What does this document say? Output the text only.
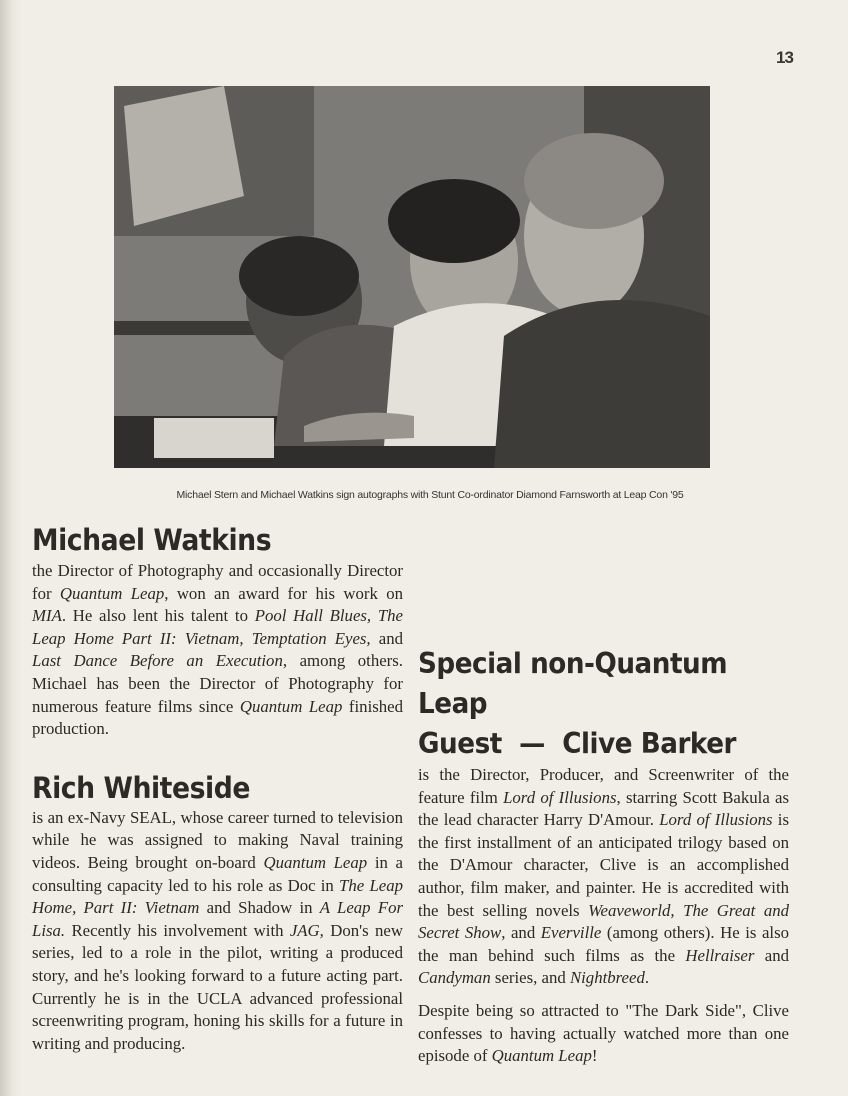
13
Michael Stern and Michael Watkins sign autographs with Stunt Co-ordinator Diamond Farnsworth at Leap Con '95
Michael Watkins

the Director of Photography and occasionally Director for Quantum Leap, won an award for his work on MIA. He also lent his talent to Pool Hall Blues, The Leap Home Part II: Vietnam, Temptation Eyes, and Last Dance Before an Execution, among others. Michael has been the Director of Photography for numerous feature films since Quantum Leap finished production.

Rich Whiteside

is an ex-Navy SEAL, whose career turned to television while he was assigned to making Naval training videos. Being brought on-board Quantum Leap in a consulting capacity led to his role as Doc in The Leap Home, Part II: Vietnam and Shadow in A Leap For Lisa. Recently his involvement with JAG, Don's new series, led to a role in the pilot, writing a produced story, and he's looking forward to a future acting part. Currently he is in the UCLA advanced professional screenwriting program, honing his skills for a future in writing and producing.

Special non-Quantum Leap
Guest  —  Clive Barker

is the Director, Producer, and Screenwriter of the feature film Lord of Illusions, starring Scott Bakula as the lead character Harry D'Amour. Lord of Illusions is the first installment of an anticipated trilogy based on the D'Amour character, Clive is an accomplished author, film maker, and painter. He is accredited with the best selling novels Weaveworld, The Great and Secret Show, and Everville (among others). He is also the man behind such films as the Hellraiser and Candyman series, and Nightbreed.

Despite being so attracted to "The Dark Side", Clive confesses to having actually watched more than one episode of Quantum Leap!
